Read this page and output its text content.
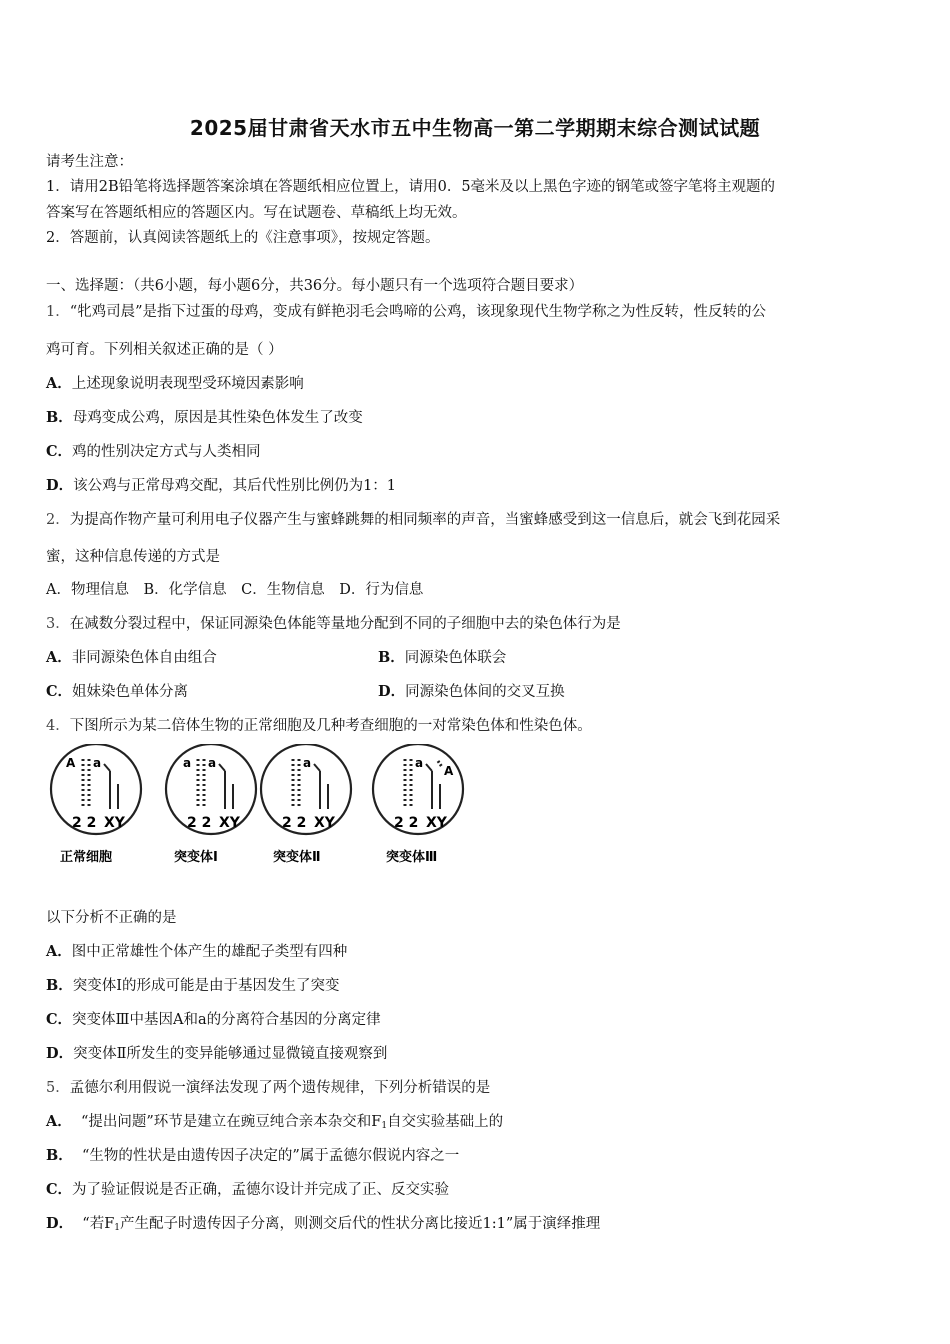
2025届甘肃省天水市五中生物高一第二学期期末综合测试试题
请考生注意：
1．请用2B铅笔将选择题答案涂填在答题纸相应位置上，请用0．5毫米及以上黑色字迹的钢笔或签字笔将主观题的
答案写在答题纸相应的答题区内。写在试题卷、草稿纸上均无效。
2．答题前，认真阅读答题纸上的《注意事项》，按规定答题。
一、选择题：（共6小题，每小题6分，共36分。每小题只有一个选项符合题目要求）
1．“牝鸡司晨”是指下过蛋的母鸡，变成有鲜艳羽毛会鸣啼的公鸡，该现象现代生物学称之为性反转，性反转的公
鸡可育。下列相关叙述正确的是（ ）
A．上述现象说明表现型受环境因素影响
B．母鸡变成公鸡，原因是其性染色体发生了改变
C．鸡的性别决定方式与人类相同
D．该公鸡与正常母鸡交配，其后代性别比例仍为1：1
2．为提高作物产量可利用电子仪器产生与蜜蜂跳舞的相同频率的声音，当蜜蜂感受到这一信息后，就会飞到花园采
蜜，这种信息传递的方式是
A．物理信息　B．化学信息　C．生物信息　D．行为信息
3．在减数分裂过程中，保证同源染色体能等量地分配到不同的子细胞中去的染色体行为是
A．非同源染色体自由组合	B．同源染色体联会
C．姐妹染色单体分离	D．同源染色体间的交叉互换
4．下图所示为某二倍体生物的正常细胞及几种考查细胞的一对常染色体和性染色体。
A a
2 2 XY
正常细胞
a a
2 2 XY
突变体Ⅰ
a
2 2 XY
突变体Ⅱ
a
A
2 2 XY
突变体Ⅲ
以下分析不正确的是
A．图中正常雄性个体产生的雄配子类型有四种
B．突变体Ⅰ的形成可能是由于基因发生了突变
C．突变体Ⅲ中基因A和a的分离符合基因的分离定律
D．突变体Ⅱ所发生的变异能够通过显微镜直接观察到
5．孟德尔利用假说一演绎法发现了两个遗传规律，下列分析错误的是
A． “提出问题”环节是建立在豌豆纯合亲本杂交和$F_1$自交实验基础上的
B． “生物的性状是由遗传因子决定的”属于孟德尔假说内容之一
C．为了验证假说是否正确，孟德尔设计并完成了正、反交实验
D． “若$F_1$产生配子时遗传因子分离，则测交后代的性状分离比接近1:1”属于演绎推理
